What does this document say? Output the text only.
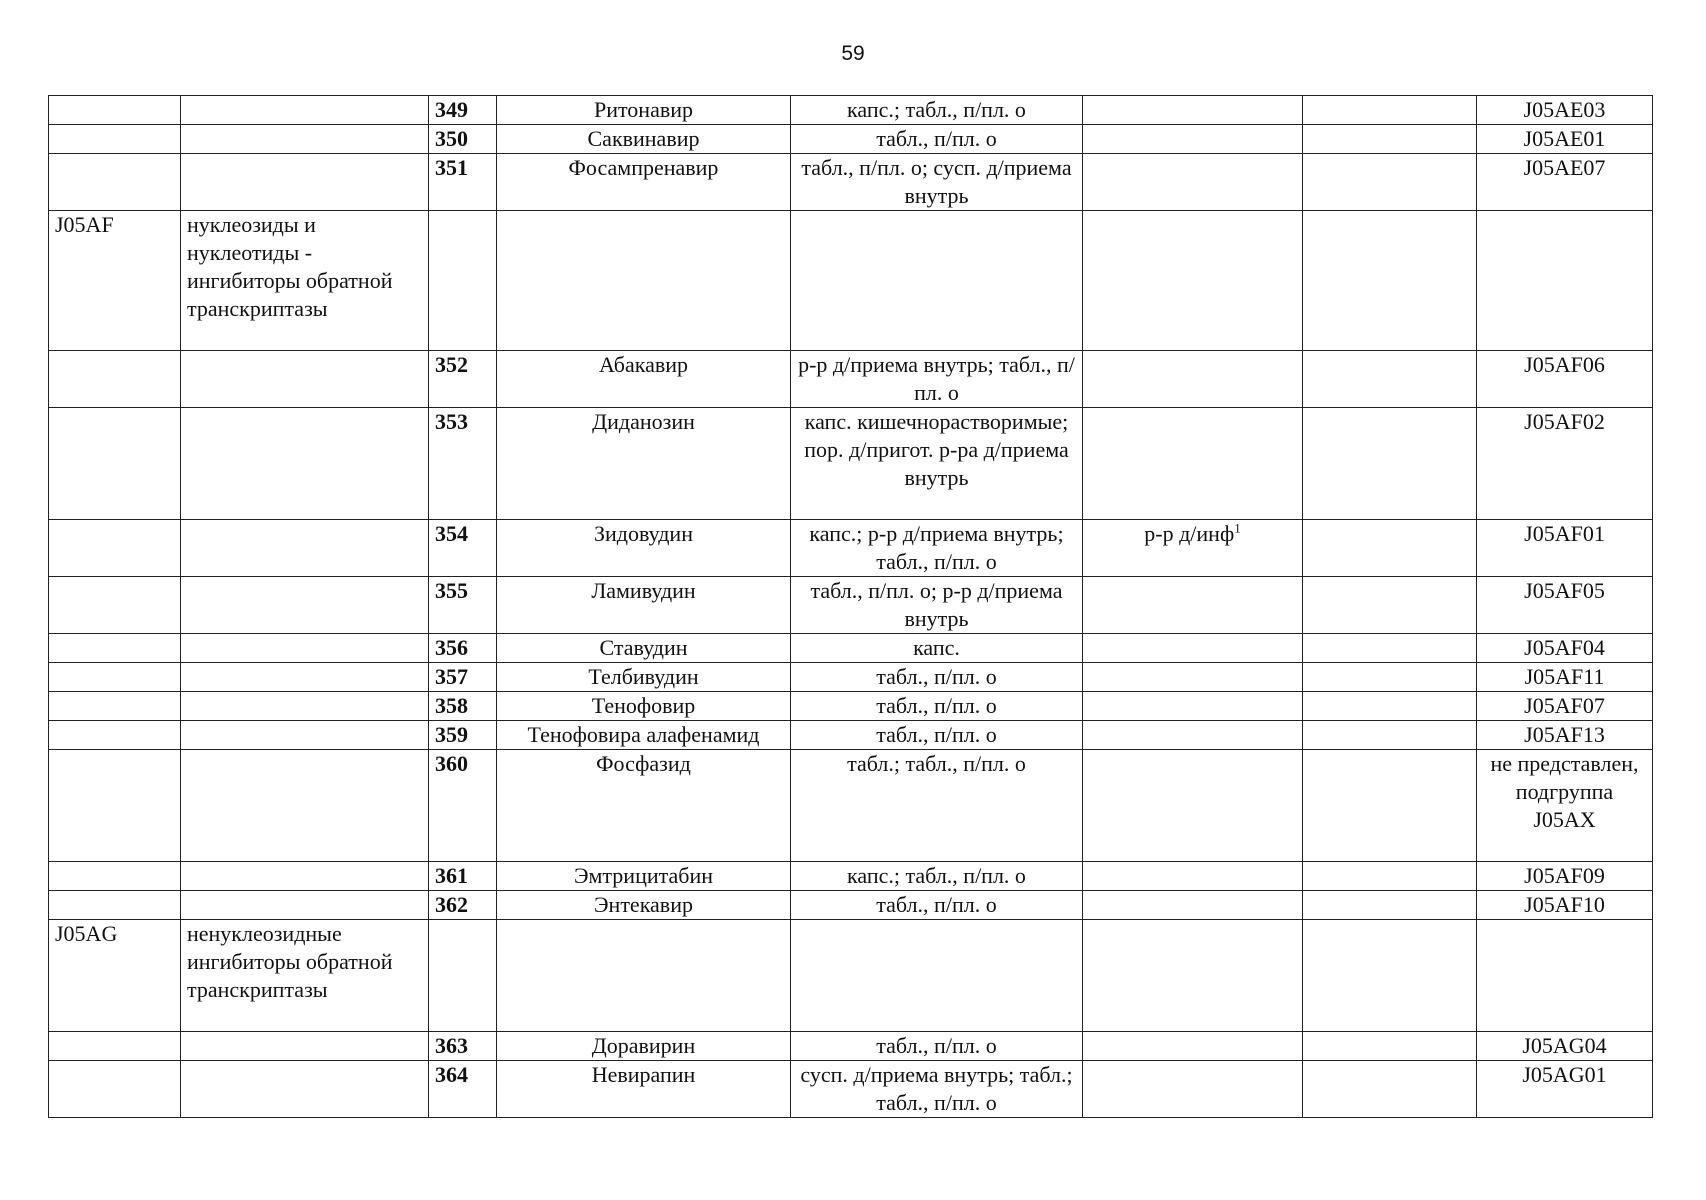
59
		349	Ритонавир	капс.; табл., п/пл. о			J05AE03
		350	Саквинавир	табл., п/пл. о			J05AE01
		351	Фосампренавир	табл., п/пл. о; сусп. д/приема внутрь			J05AE07
J05AF	нуклеозиды и нуклеотиды - ингибиторы обратной транскриптазы						
		352	Абакавир	р-р д/приема внутрь; табл., п/пл. о			J05AF06
		353	Диданозин	капс. кишечнорастворимые; пор. д/пригот. р-ра д/приема внутрь			J05AF02
		354	Зидовудин	капс.; р-р д/приема внутрь; табл., п/пл. о	р-р д/инф$^1$		J05AF01
		355	Ламивудин	табл., п/пл. о; р-р д/приема внутрь			J05AF05
		356	Ставудин	капс.			J05AF04
		357	Телбивудин	табл., п/пл. о			J05AF11
		358	Тенофовир	табл., п/пл. о			J05AF07
		359	Тенофовира алафенамид	табл., п/пл. о			J05AF13
		360	Фосфазид	табл.; табл., п/пл. о			не представлен, подгруппа J05AX
		361	Эмтрицитабин	капс.; табл., п/пл. о			J05AF09
		362	Энтекавир	табл., п/пл. о			J05AF10
J05AG	ненуклеозидные ингибиторы обратной транскриптазы						
		363	Доравирин	табл., п/пл. о			J05AG04
		364	Невирапин	сусп. д/приема внутрь; табл.; табл., п/пл. о			J05AG01
